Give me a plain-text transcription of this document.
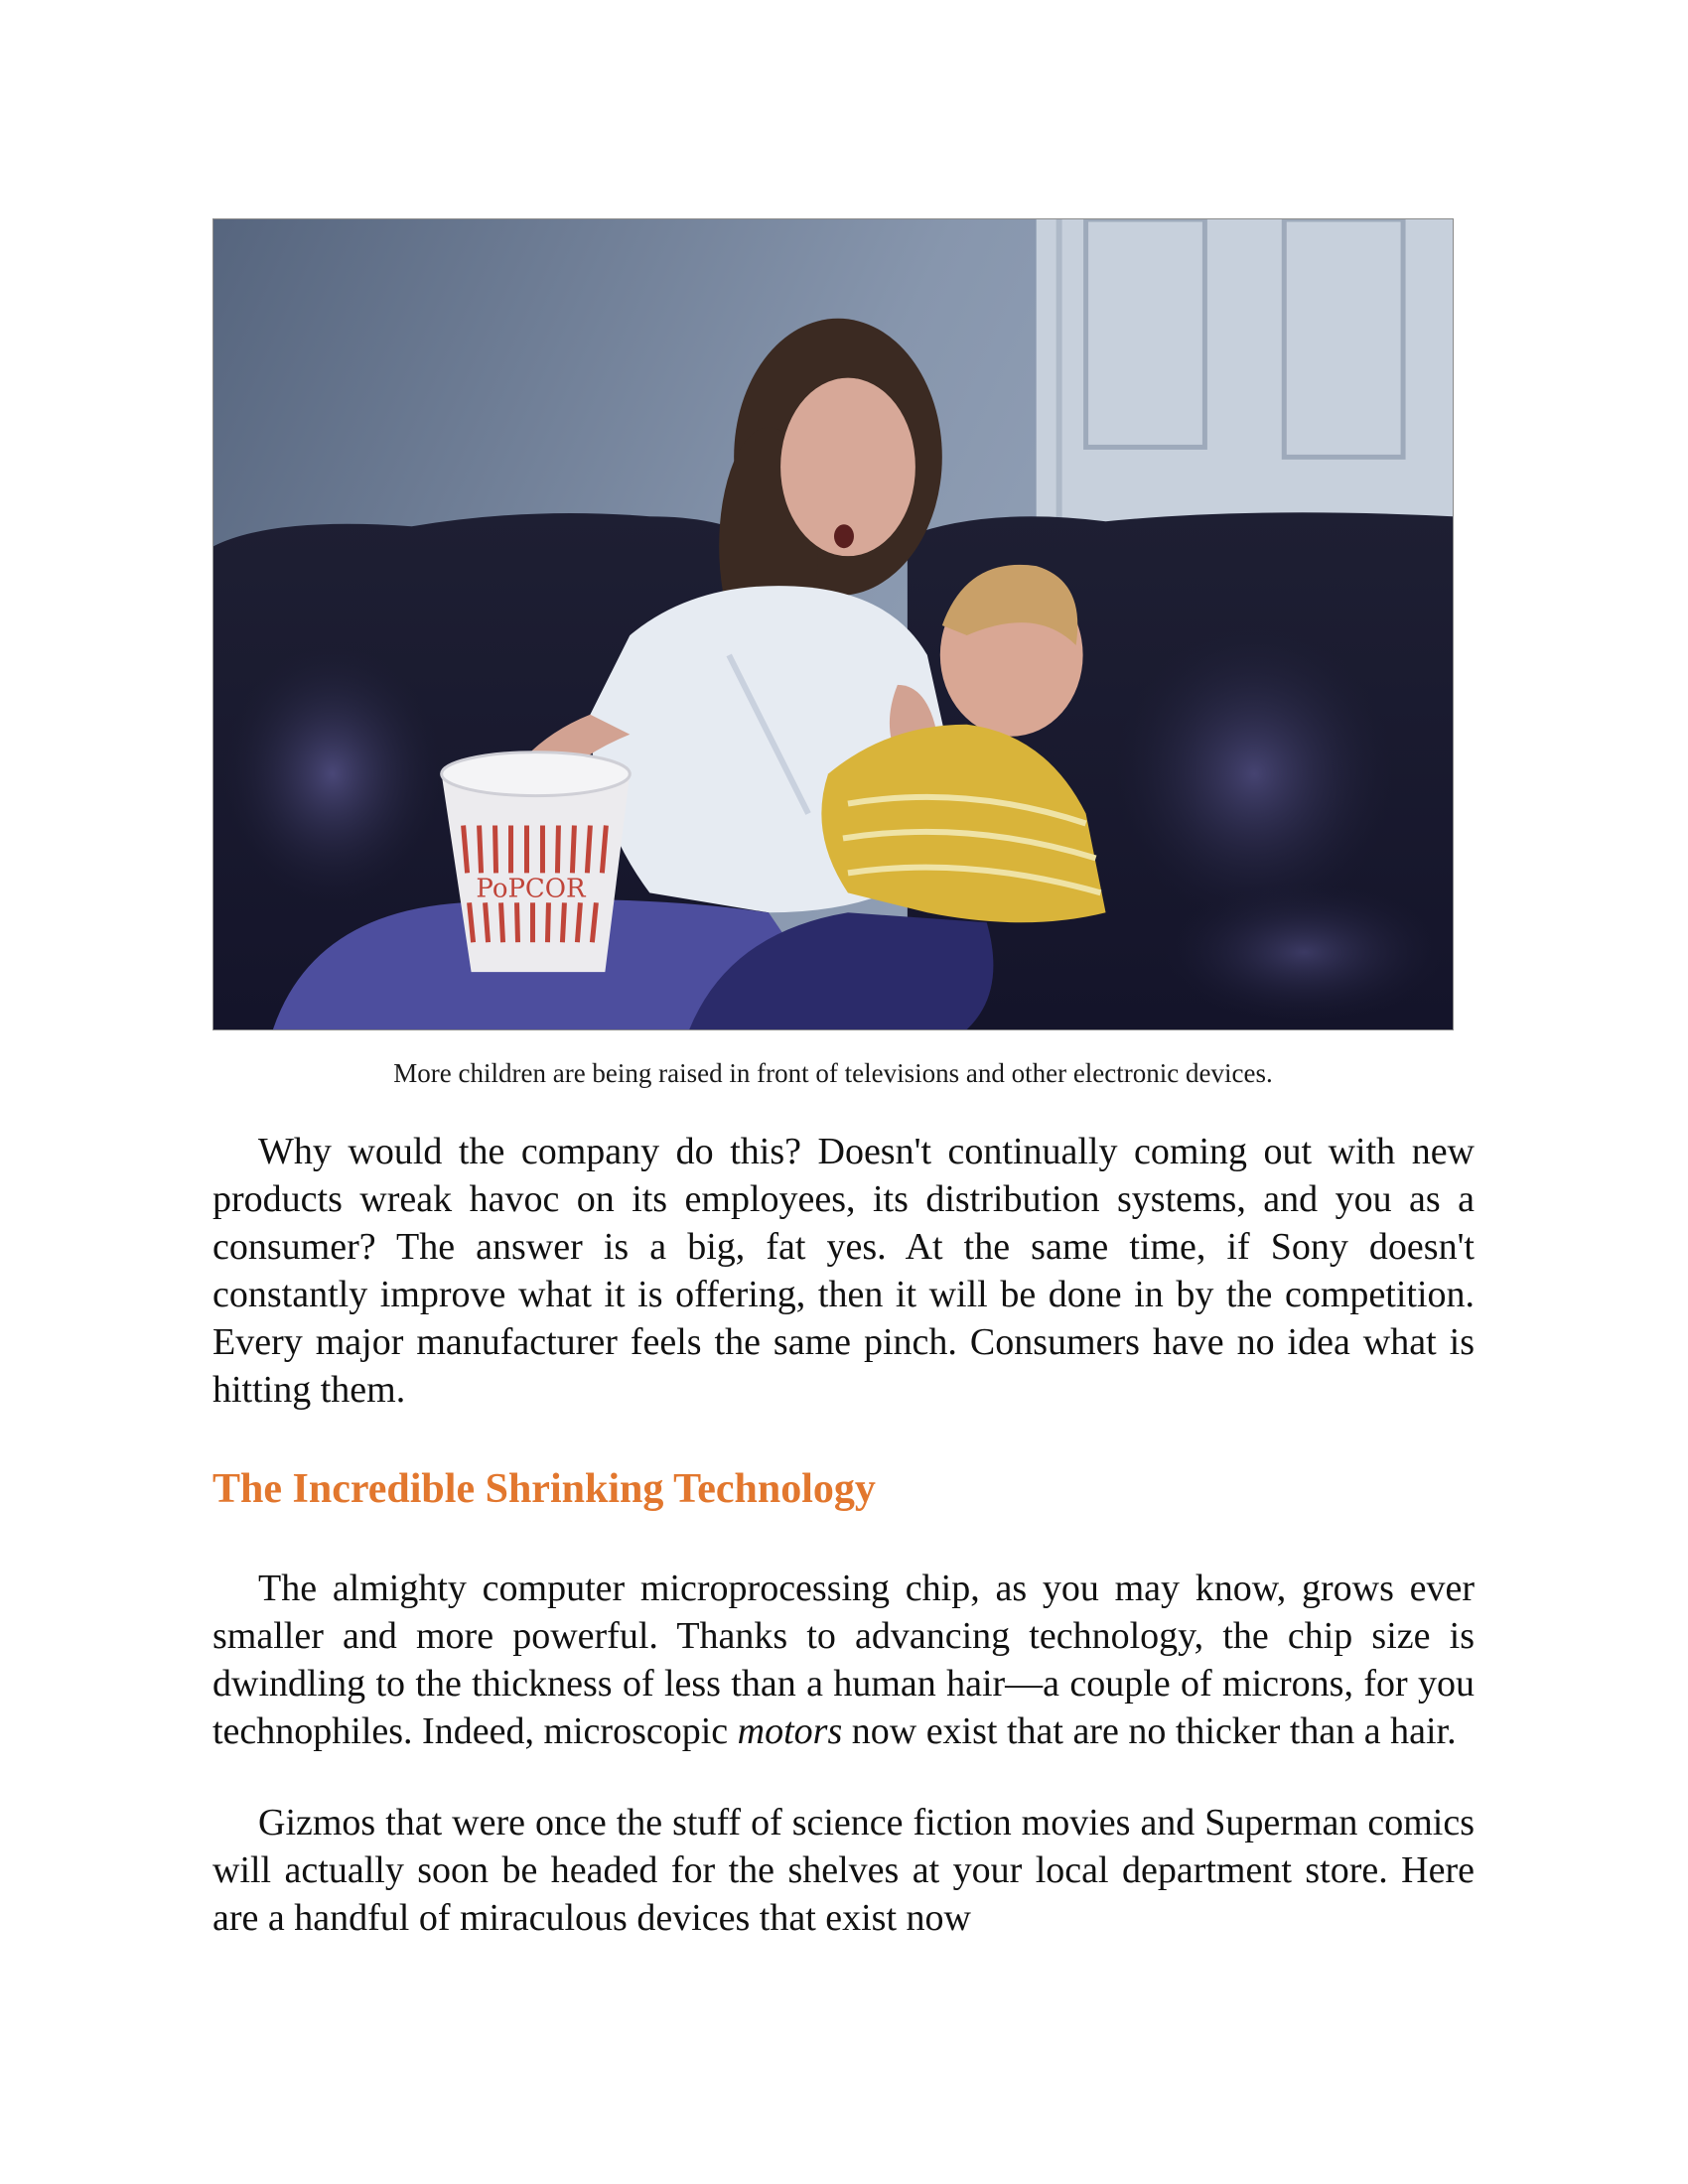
PoPCOR
More children are being raised in front of televisions and other electronic devices.

Why would the company do this? Doesn't continually coming out with new products wreak havoc on its employees, its distribution systems, and you as a consumer? The answer is a big, fat yes. At the same time, if Sony doesn't constantly improve what it is offering, then it will be done in by the competition. Every major manufacturer feels the same pinch. Consumers have no idea what is hitting them.

The Incredible Shrinking Technology

The almighty computer microprocessing chip, as you may know, grows ever smaller and more powerful. Thanks to advancing technology, the chip size is dwindling to the thickness of less than a human hair—a couple of microns, for you technophiles. Indeed, microscopic motors now exist that are no thicker than a hair.

Gizmos that were once the stuff of science fiction movies and Superman comics will actually soon be headed for the shelves at your local department store. Here are a handful of miraculous devices that exist now
